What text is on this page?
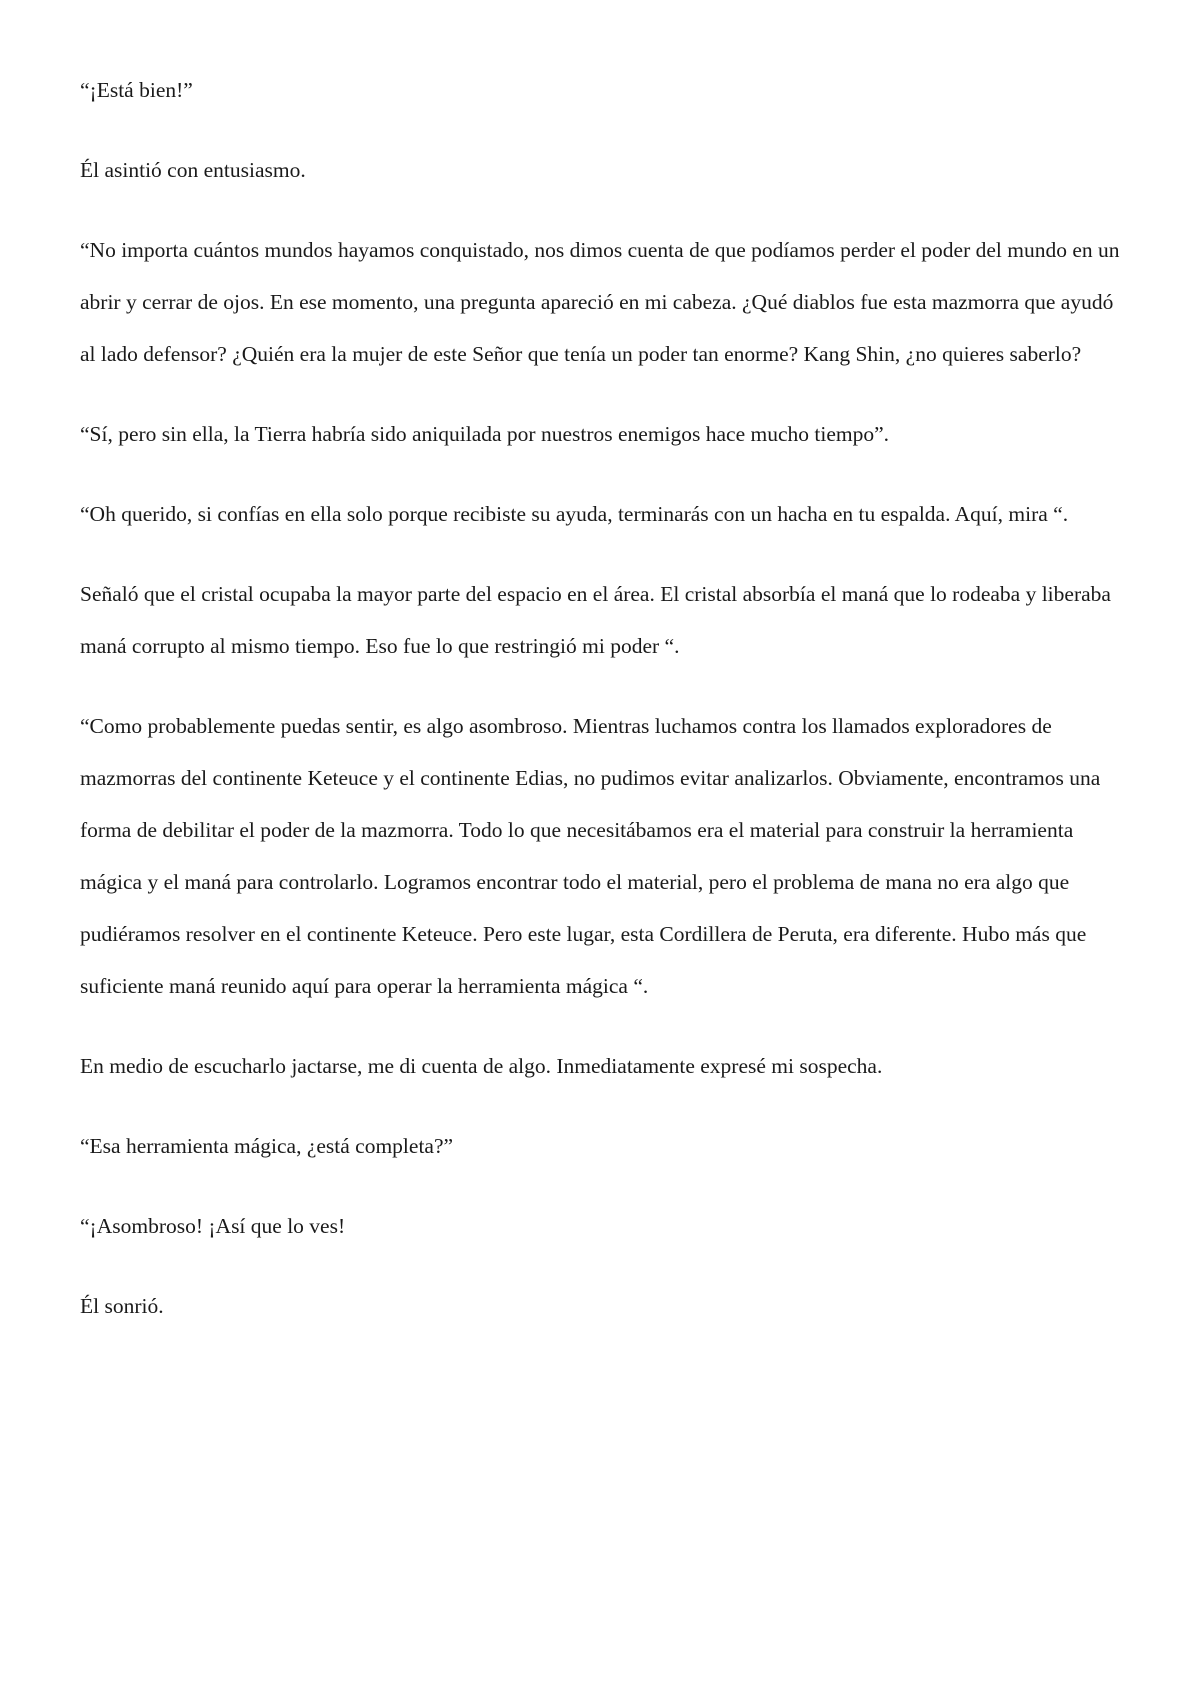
“¡Está bien!”

Él asintió con entusiasmo.

“No importa cuántos mundos hayamos conquistado, nos dimos cuenta de que podíamos perder el poder del mundo en un abrir y cerrar de ojos. En ese momento, una pregunta apareció en mi cabeza. ¿Qué diablos fue esta mazmorra que ayudó al lado defensor? ¿Quién era la mujer de este Señor que tenía un poder tan enorme? Kang Shin, ¿no quieres saberlo?

“Sí, pero sin ella, la Tierra habría sido aniquilada por nuestros enemigos hace mucho tiempo”.

“Oh querido, si confías en ella solo porque recibiste su ayuda, terminarás con un hacha en tu espalda. Aquí, mira “.

Señaló que el cristal ocupaba la mayor parte del espacio en el área. El cristal absorbía el maná que lo rodeaba y liberaba maná corrupto al mismo tiempo. Eso fue lo que restringió mi poder “.

“Como probablemente puedas sentir, es algo asombroso. Mientras luchamos contra los llamados exploradores de mazmorras del continente Keteuce y el continente Edias, no pudimos evitar analizarlos. Obviamente, encontramos una forma de debilitar el poder de la mazmorra. Todo lo que necesitábamos era el material para construir la herramienta mágica y el maná para controlarlo. Logramos encontrar todo el material, pero el problema de mana no era algo que pudiéramos resolver en el continente Keteuce. Pero este lugar, esta Cordillera de Peruta, era diferente. Hubo más que suficiente maná reunido aquí para operar la herramienta mágica “.

En medio de escucharlo jactarse, me di cuenta de algo. Inmediatamente expresé mi sospecha.

“Esa herramienta mágica, ¿está completa?”

“¡Asombroso! ¡Así que lo ves!

Él sonrió.
